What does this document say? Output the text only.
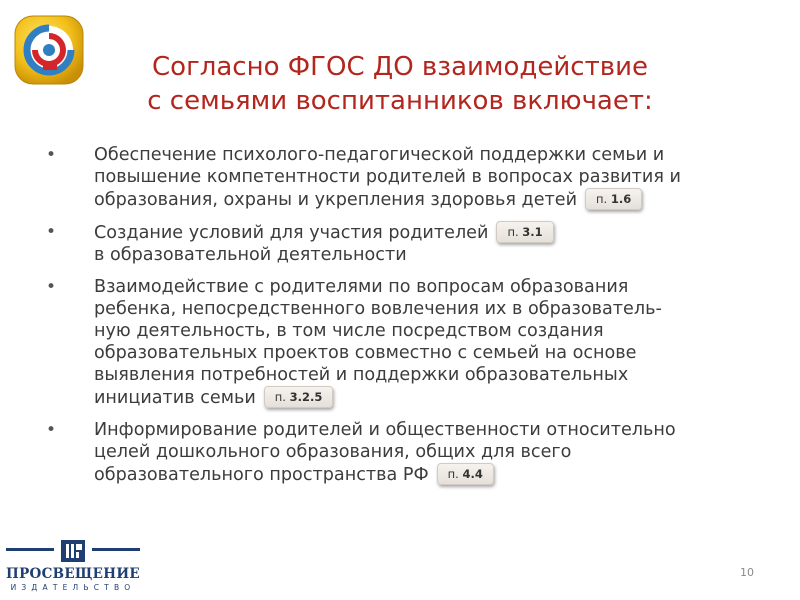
Согласно ФГОС ДО взаимодействие
с семьями воспитанников включает:
• Обеспечение психолого-педагогической поддержки семьи и
повышение компетентности родителей в вопросах развития и
образования, охраны и укрепления здоровья детей п. 1.6
• Создание условий для участия родителей п. 3.1
в образовательной деятельности
• Взаимодействие с родителями по вопросам образования
ребенка, непосредственного вовлечения их в образователь-
ную деятельность, в том числе посредством создания
образовательных проектов совместно с семьей на основе
выявления потребностей и поддержки образовательных
инициатив семьи п. 3.2.5
• Информирование родителей и общественности относительно
целей дошкольного образования, общих для всего
образовательного пространства РФ п. 4.4
ПРОСВЕЩЕНИЕ
ИЗДАТЕЛЬСТВО
10
